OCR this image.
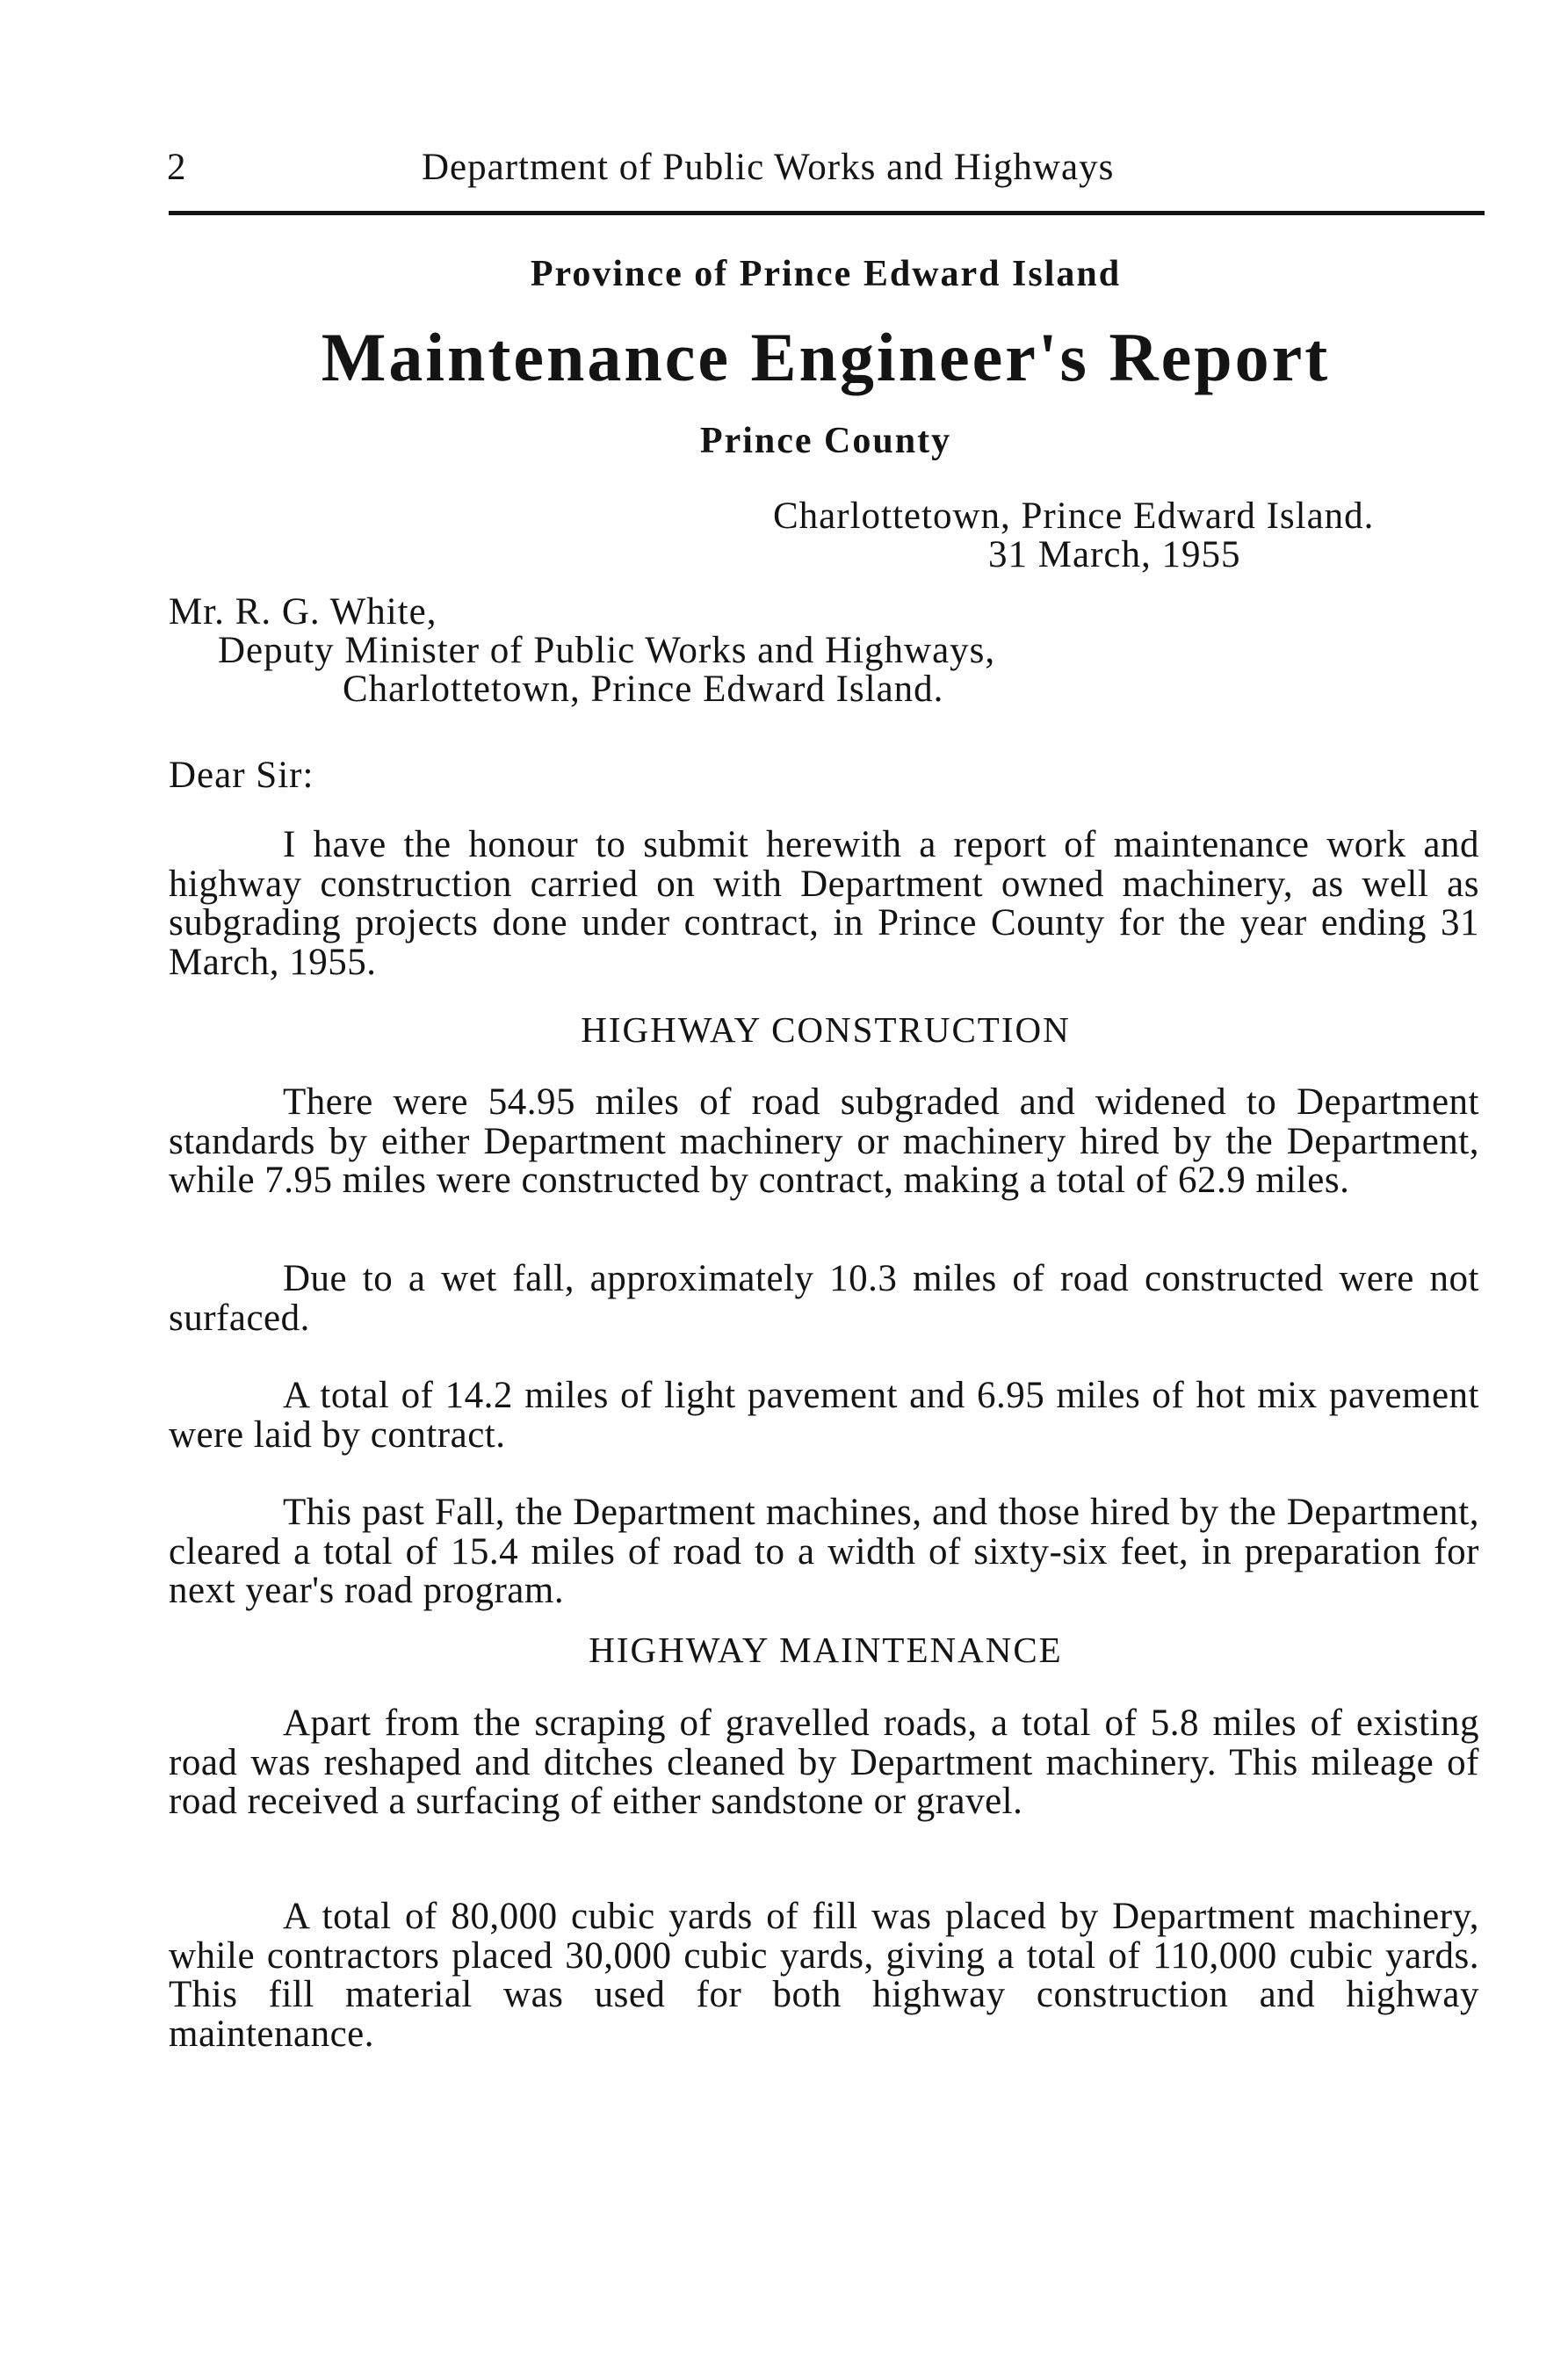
2	Department of Public Works and Highways
Province of Prince Edward Island
Maintenance Engineer's Report
Prince County
Charlottetown, Prince Edward Island.
31 March, 1955
Mr. R. G. White,
Deputy Minister of Public Works and Highways,
Charlottetown, Prince Edward Island.
Dear Sir:

I have the honour to submit herewith a report of maintenance work and highway construction carried on with Department owned machinery, as well as subgrading projects done under contract, in Prince County for the year ending 31 March, 1955.

HIGHWAY CONSTRUCTION

There were 54.95 miles of road subgraded and widened to Department standards by either Department machinery or machinery hired by the Department, while 7.95 miles were constructed by contract, making a total of 62.9 miles.

Due to a wet fall, approximately 10.3 miles of road constructed were not surfaced.

A total of 14.2 miles of light pavement and 6.95 miles of hot mix pavement were laid by contract.

This past Fall, the Department machines, and those hired by the Department, cleared a total of 15.4 miles of road to a width of sixty-six feet, in preparation for next year's road program.

HIGHWAY MAINTENANCE

Apart from the scraping of gravelled roads, a total of 5.8 miles of existing road was reshaped and ditches cleaned by Department machinery. This mileage of road received a surfacing of either sandstone or gravel.

A total of 80,000 cubic yards of fill was placed by Department machinery, while contractors placed 30,000 cubic yards, giving a total of 110,000 cubic yards. This fill material was used for both highway construction and highway maintenance.
